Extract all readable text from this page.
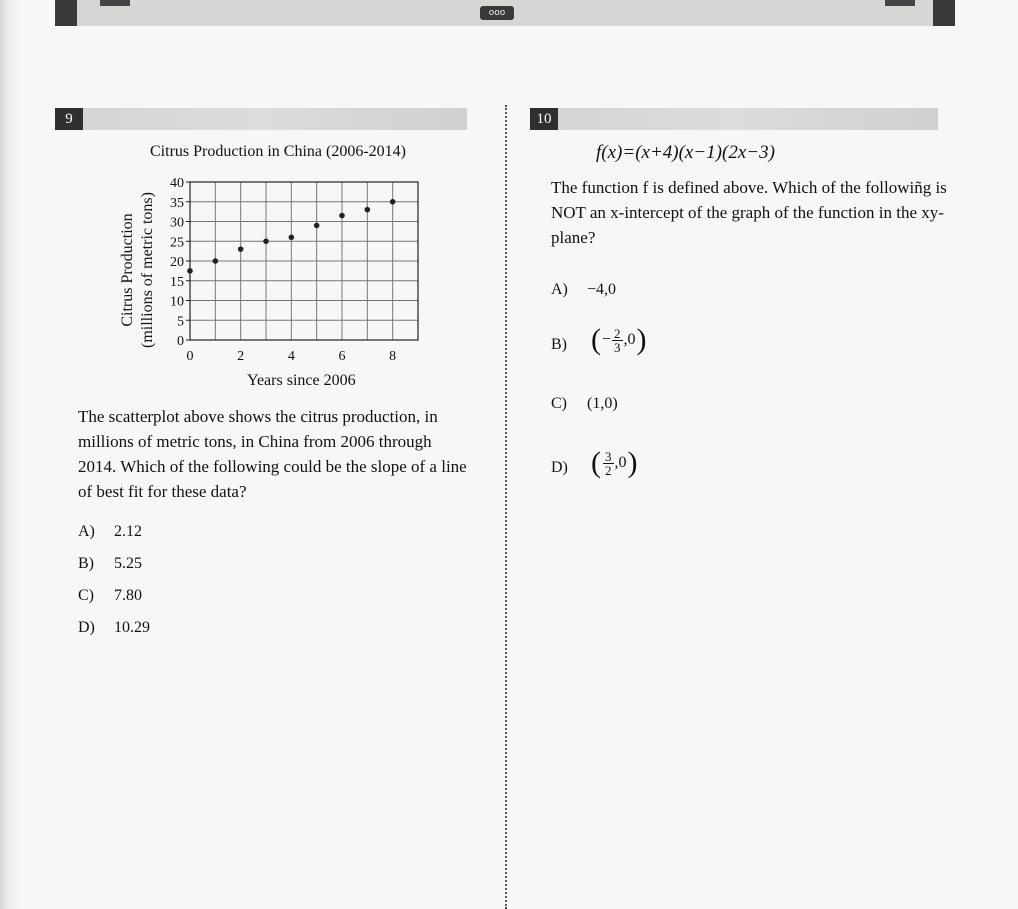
ooo
9
Citrus Production in China (2006-2014)
0
5
10
15
20
25
30
35
40
0	2	4	6	8
Citrus Production (millions of metric tons)
Years since 2006
The scatterplot above shows the citrus production, in millions of metric tons, in China from 2006 through 2014. Which of the following could be the slope of a line of best fit for these data?
A) 2.12
B) 5.25
C) 7.80
D) 10.29
10
f(x)=(x+4)(x−1)(2x−3)
The function f is defined above. Which of the followiñg is NOT an x-intercept of the graph of the function in the xy-plane?
A) −4,0
B) ( − $\frac{2}{3} ,0$ )
C) (1,0)
D) ( $\frac{3}{2} ,0$ )
